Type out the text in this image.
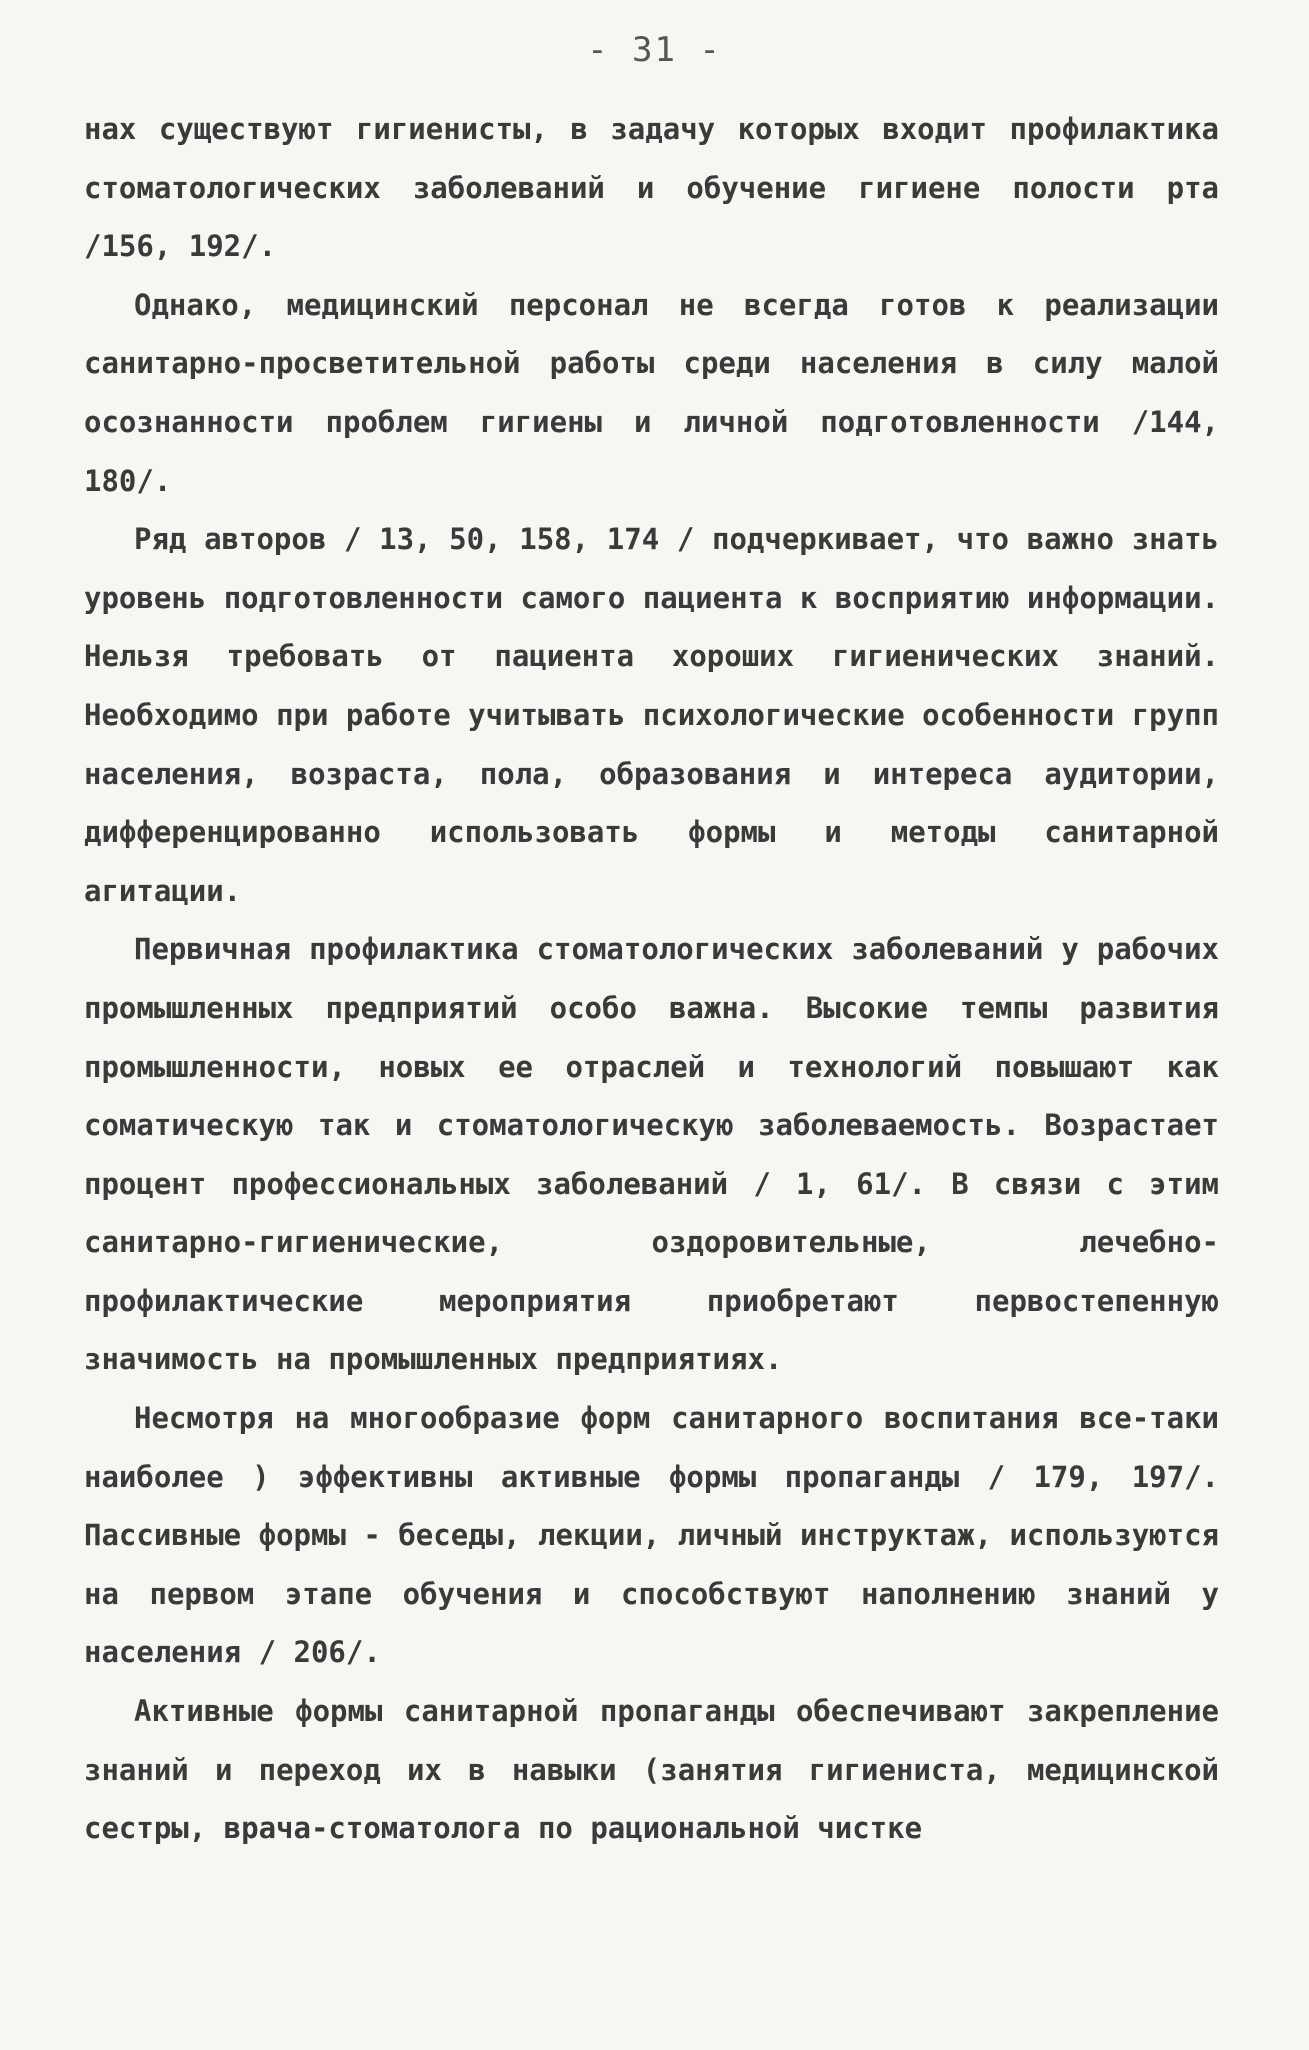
- 31 -

нах существуют гигиенисты, в задачу которых входит профилактика стоматологических заболеваний и обучение гигиене полости рта /156, 192/.

Однако, медицинский персонал не всегда готов к реализации санитарно-просветительной работы среди населения в силу малой осознанности проблем гигиены и личной подготовленности /144, 180/.

Ряд авторов / 13, 50, 158, 174 / подчеркивает, что важно знать уровень подготовленности самого пациента к восприятию информации. Нельзя требовать от пациента хороших гигиенических знаний. Необходимо при работе учитывать психологические особенности групп населения, возраста, пола, образования и интереса аудитории, дифференцированно использовать формы и методы санитарной агитации.

Первичная профилактика стоматологических заболеваний у рабочих промышленных предприятий особо важна. Высокие темпы развития промышленности, новых ее отраслей и технологий повышают как соматическую так и стоматологическую заболеваемость. Возрастает процент профессиональных заболеваний / 1, 61/. В связи с этим санитарно-гигиенические, оздоровительные, лечебно-профилактические мероприятия приобретают первостепенную значимость на промышленных предприятиях.

Несмотря на многообразие форм санитарного воспитания все-таки наиболее ) эффективны активные формы пропаганды / 179, 197/. Пассивные формы - беседы, лекции, личный инструктаж, используются на первом этапе обучения и способствуют наполнению знаний у населения / 206/.

Активные формы санитарной пропаганды обеспечивают закрепление знаний и переход их в навыки (занятия гигиениста, медицинской сестры, врача-стоматолога по рациональной чистке
